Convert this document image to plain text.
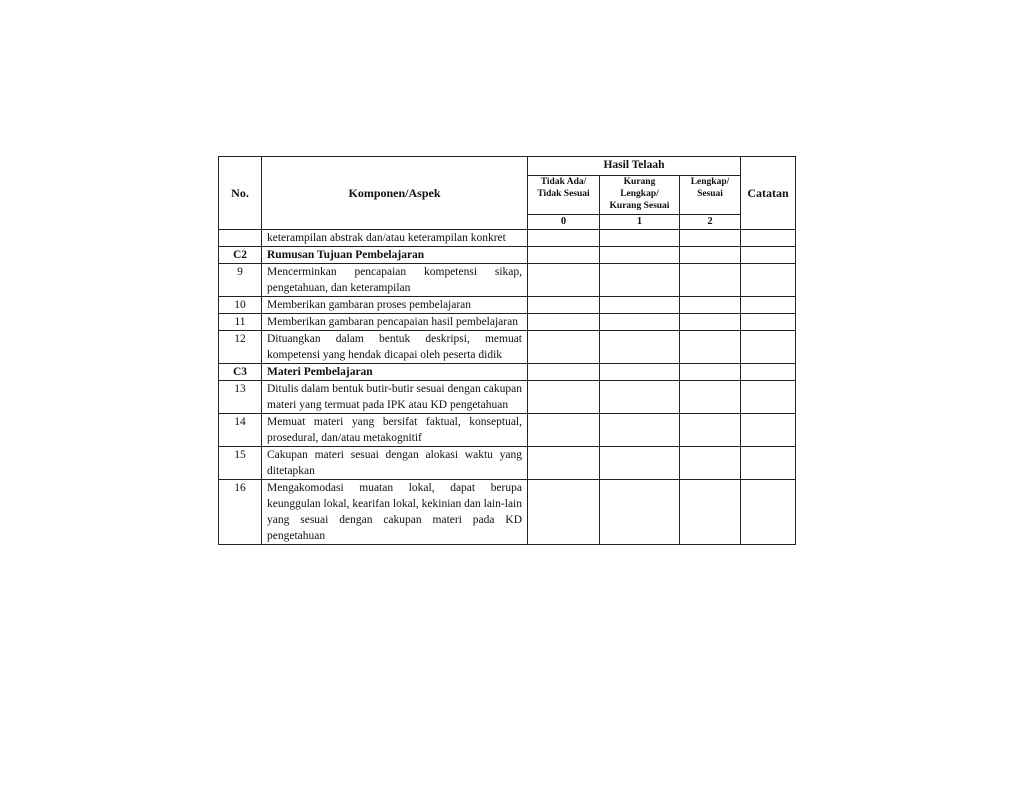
No.	Komponen/Aspek	Hasil Telaah			Catatan
		Tidak Ada/ Tidak Sesuai	Kurang Lengkap/ Kurang Sesuai	Lengkap/ Sesuai	
		0	1	2	
	keterampilan abstrak dan/atau keterampilan konkret				
C2	Rumusan Tujuan Pembelajaran				
9	Mencerminkan pencapaian kompetensi sikap, pengetahuan, dan keterampilan				
10	Memberikan gambaran proses pembelajaran				
11	Memberikan gambaran pencapaian hasil pembelajaran				
12	Dituangkan dalam bentuk deskripsi, memuat kompetensi yang hendak dicapai oleh peserta didik				
C3	Materi Pembelajaran				
13	Ditulis dalam bentuk butir-butir sesuai dengan cakupan materi yang termuat pada IPK atau KD pengetahuan				
14	Memuat materi yang bersifat faktual, konseptual, prosedural, dan/atau metakognitif				
15	Cakupan materi sesuai dengan alokasi waktu yang ditetapkan				
16	Mengakomodasi muatan lokal, dapat berupa keunggulan lokal, kearifan lokal, kekinian dan lain-lain yang sesuai dengan cakupan materi pada KD pengetahuan				
